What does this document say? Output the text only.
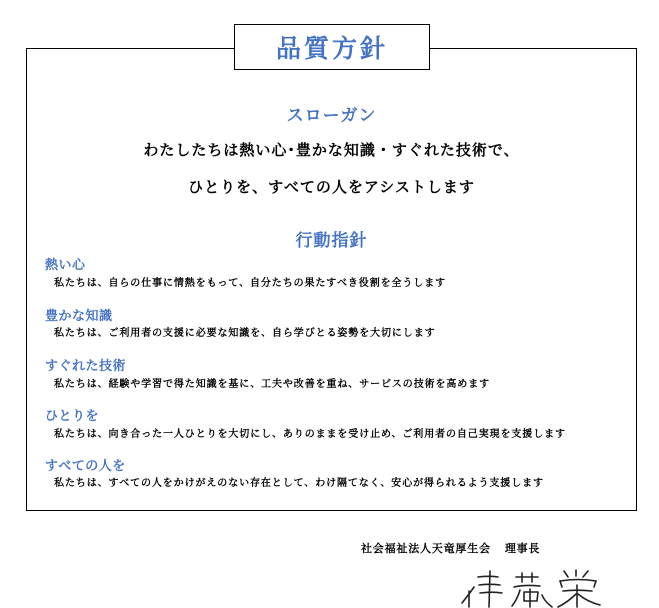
品質方針
スローガン
わたしたちは熱い心･豊かな知識・すぐれた技術で、
ひとりを、すべての人をアシストします
行動指針
熱い心
私たちは、自らの仕事に情熱をもって、自分たちの果たすべき役割を全うします
豊かな知識
私たちは、ご利用者の支援に必要な知識を、自ら学びとる姿勢を大切にします
すぐれた技術
私たちは、経験や学習で得た知識を基に、工夫や改善を重ね、サービスの技術を高めます
ひとりを
私たちは、向き合った一人ひとりを大切にし、ありのままを受け止め、ご利用者の自己実現を支援します
すべての人を
私たちは、すべての人をかけがえのない存在として、わけ隔てなく、安心が得られるよう支援します
社会福祉法人天竜厚生会 理事長
